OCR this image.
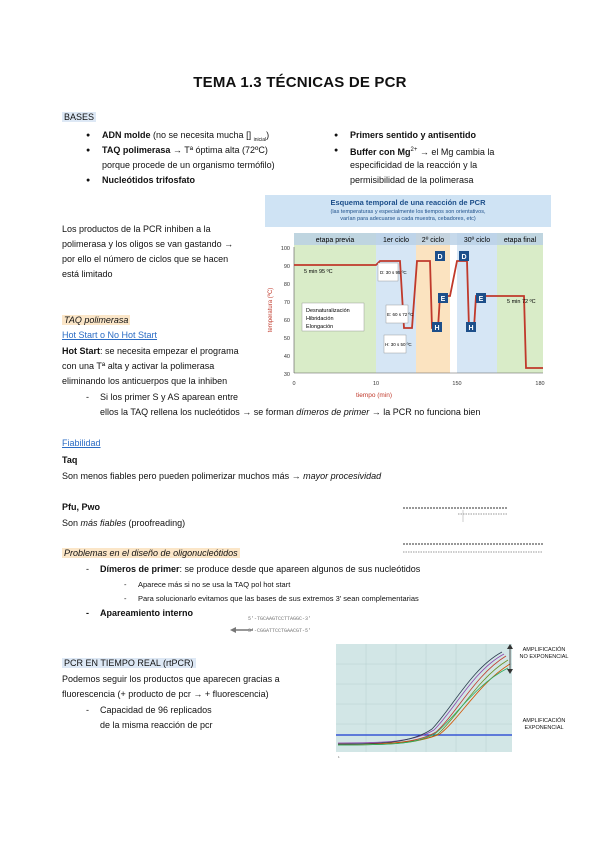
TEMA 1.3 TÉCNICAS DE PCR
BASES
ADN molde (no se necesita mucha [] $_{inicial}$)
TAQ polimerasa → Tª óptima alta (72ºC)
porque procede de un organismo termófilo)
Nucleótidos trifosfato
Primers sentido y antisentido
Buffer con $Mg^{2+}$ → el Mg cambia la
especificidad de la reacción y la
permisibilidad de la polimerasa
Los productos de la PCR inhiben a la
polimerasa y los oligos se van gastando →
por ello el número de ciclos que se hacen
está limitado
Esquema temporal de una reacción de PCR
(las temperaturas y especialmente los tiempos son orientativos,
varían para adecuarse a cada muestra, cebadores, etc)
etapa previa	1er ciclo 2º ciclo	30º ciclo etapa final
100
90
80
70
60
50
40
30
0	10	150	180
tiempo (min)
temperatura (ºC)
D
H
E
D
H
E
5 min 95 ºC	D: 30 s 95 ºC
H: 30 s 50 ºC
E: 60 s 72 ºC
5 min 72 ºC
Desnaturalización
Hibridación
Elongación
TAQ polimerasa
Hot Start o No Hot Start
Hot Start: se necesita empezar el programa
con una Tª alta y activar la polimerasa
eliminando los anticuerpos que la inhiben
Si los primer S y AS aparean entre
ellos la TAQ rellena los nucleótidos → se forman dímeros de primer → la PCR no funciona bien
Fiabilidad
Taq
Son menos fiables pero pueden polimerizar muchos más → mayor procesividad
Pfu, Pwo
Son más fiables (proofreading)
Problemas en el diseño de oligonucleótidos
Dímeros de primer: se produce desde que apareen algunos de sus nucleótidos
Aparece más si no se usa la TAQ pol hot start
Para solucionarlo evitamos que las bases de sus extremos 3' sean complementarias
Apareamiento interno
5'-TGCAAGTCCTTAGGC-3'
3'-CGGATTCCTGAACGT-5'
PCR EN TIEMPO REAL (rtPCR)
Podemos seguir los productos que aparecen gracias a
fluorescencia (+ producto de pcr → + fluorescencia)
Capacidad de 96 replicados
de la misma reacción de pcr
1
AMPLIFICACIÓN
NO EXPONENCIAL
AMPLIFICACIÓN
EXPONENCIAL
